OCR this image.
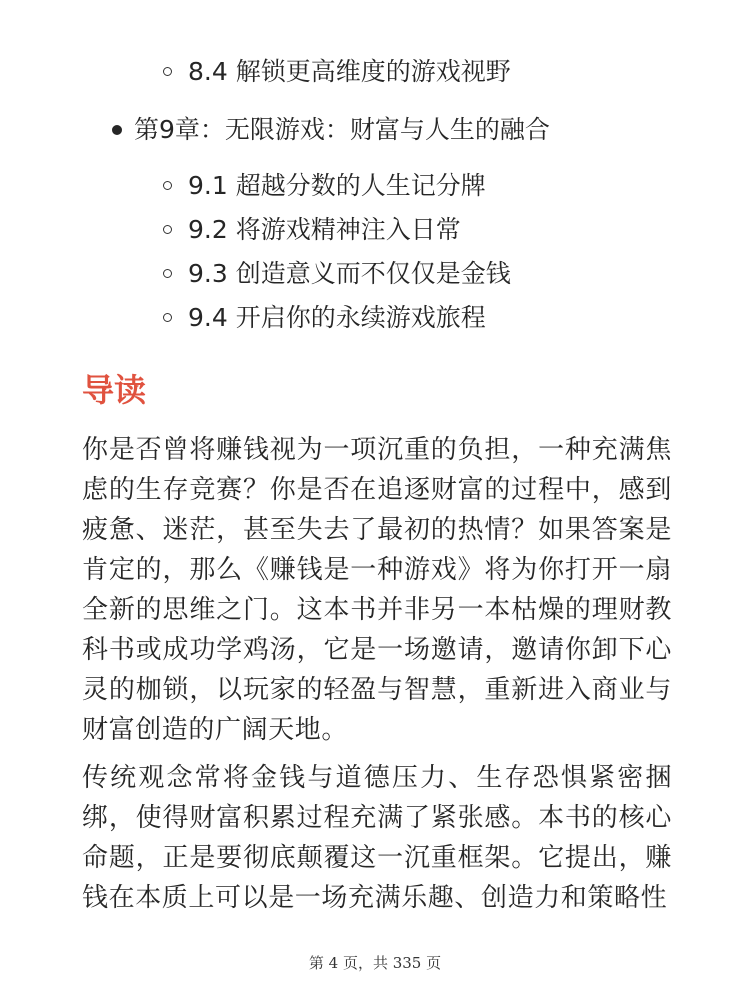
8.4 解锁更高维度的游戏视野
第9章：无限游戏：财富与人生的融合
9.1 超越分数的人生记分牌
9.2 将游戏精神注入日常
9.3 创造意义而不仅仅是金钱
9.4 开启你的永续游戏旅程
导读

你是否曾将赚钱视为一项沉重的负担，一种充满焦虑的生存竞赛？你是否在追逐财富的过程中，感到疲惫、迷茫，甚至失去了最初的热情？如果答案是肯定的，那么《赚钱是一种游戏》将为你打开一扇全新的思维之门。这本书并非另一本枯燥的理财教科书或成功学鸡汤，它是一场邀请，邀请你卸下心灵的枷锁，以玩家的轻盈与智慧，重新进入商业与财富创造的广阔天地。

传统观念常将金钱与道德压力、生存恐惧紧密捆绑，使得财富积累过程充满了紧张感。本书的核心命题，正是要彻底颠覆这一沉重框架。它提出，赚钱在本质上可以是一场充满乐趣、创造力和策略性

第 4 页，共 335 页
